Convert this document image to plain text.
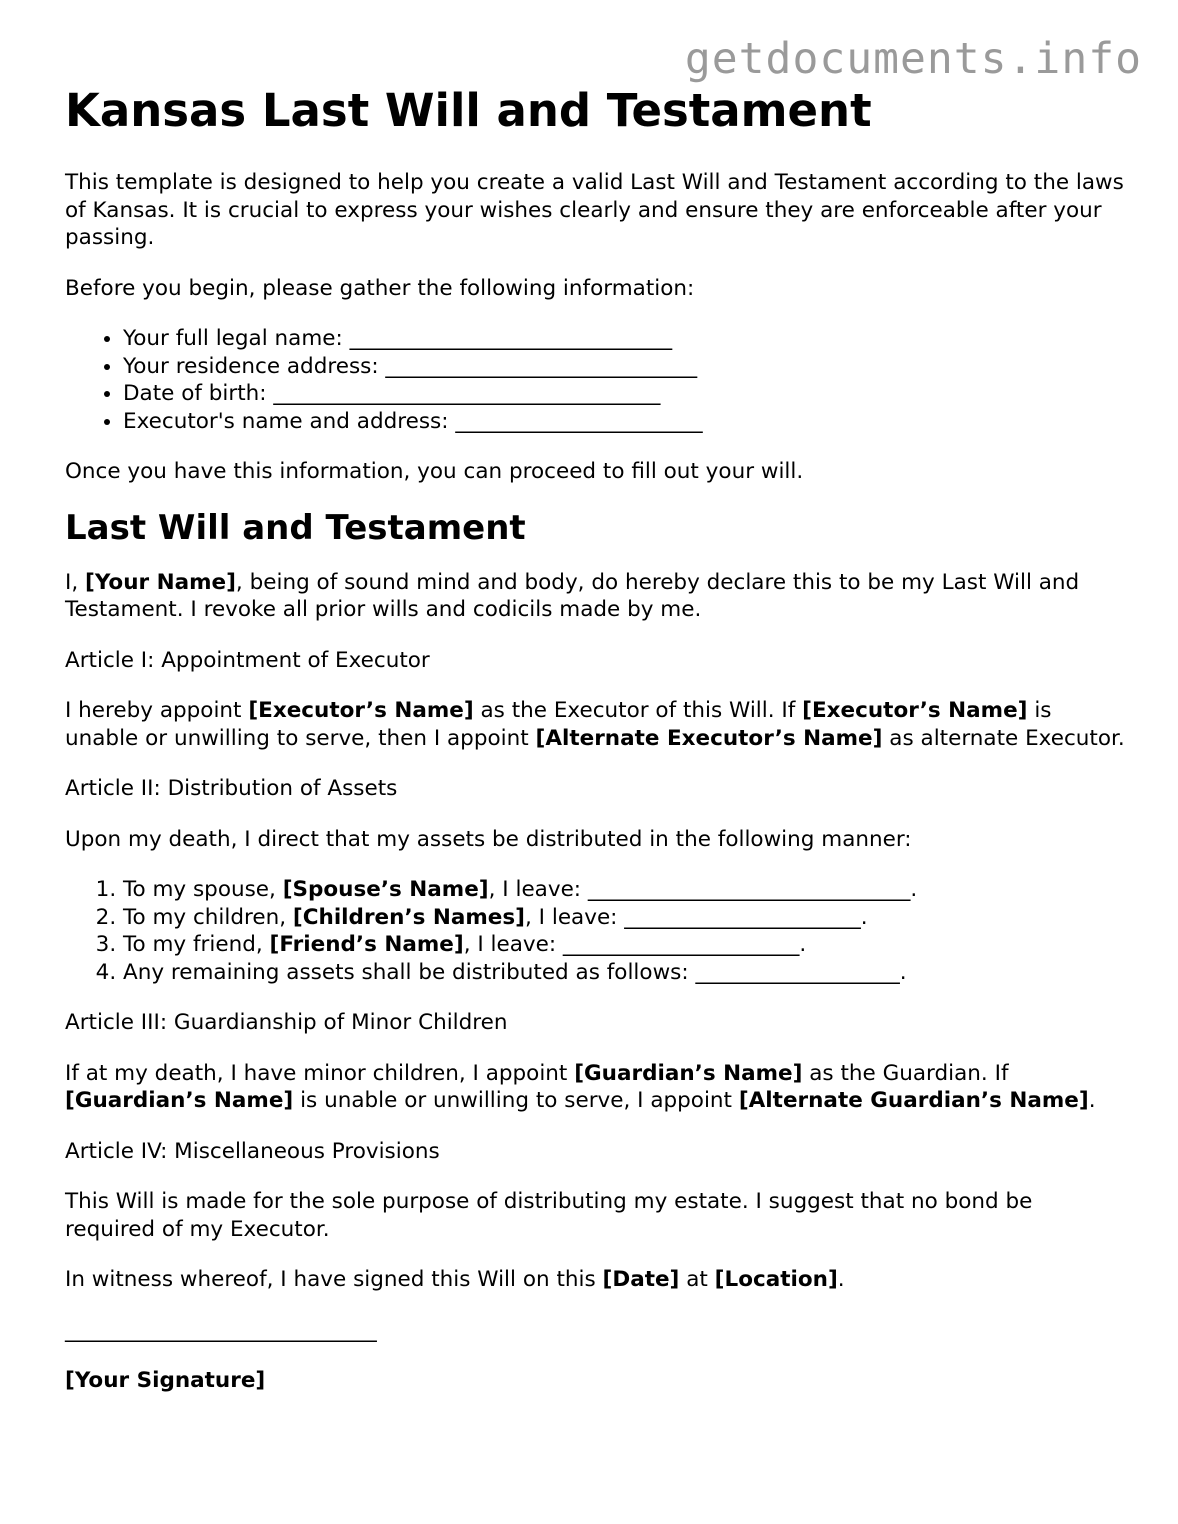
getdocuments.info
Kansas Last Will and Testament

This template is designed to help you create a valid Last Will and Testament according to the laws of Kansas. It is crucial to express your wishes clearly and ensure they are enforceable after your passing.

Before you begin, please gather the following information:

• Your full legal name: ______________________________
• Your residence address: _____________________________
• Date of birth: ____________________________________
• Executor's name and address: _______________________

Once you have this information, you can proceed to fill out your will.

Last Will and Testament

I, [Your Name], being of sound mind and body, do hereby declare this to be my Last Will and Testament. I revoke all prior wills and codicils made by me.

Article I: Appointment of Executor

I hereby appoint [Executor’s Name] as the Executor of this Will. If [Executor’s Name] is unable or unwilling to serve, then I appoint [Alternate Executor’s Name] as alternate Executor.

Article II: Distribution of Assets

Upon my death, I direct that my assets be distributed in the following manner:

1. To my spouse, [Spouse’s Name], I leave: ______________________________.
2. To my children, [Children’s Names], I leave: ______________________.
3. To my friend, [Friend’s Name], I leave: ______________________.
4. Any remaining assets shall be distributed as follows: ___________________.

Article III: Guardianship of Minor Children

If at my death, I have minor children, I appoint [Guardian’s Name] as the Guardian. If [Guardian’s Name] is unable or unwilling to serve, I appoint [Alternate Guardian’s Name].

Article IV: Miscellaneous Provisions

This Will is made for the sole purpose of distributing my estate. I suggest that no bond be required of my Executor.

In witness whereof, I have signed this Will on this [Date] at [Location].

_____________________________

[Your Signature]
